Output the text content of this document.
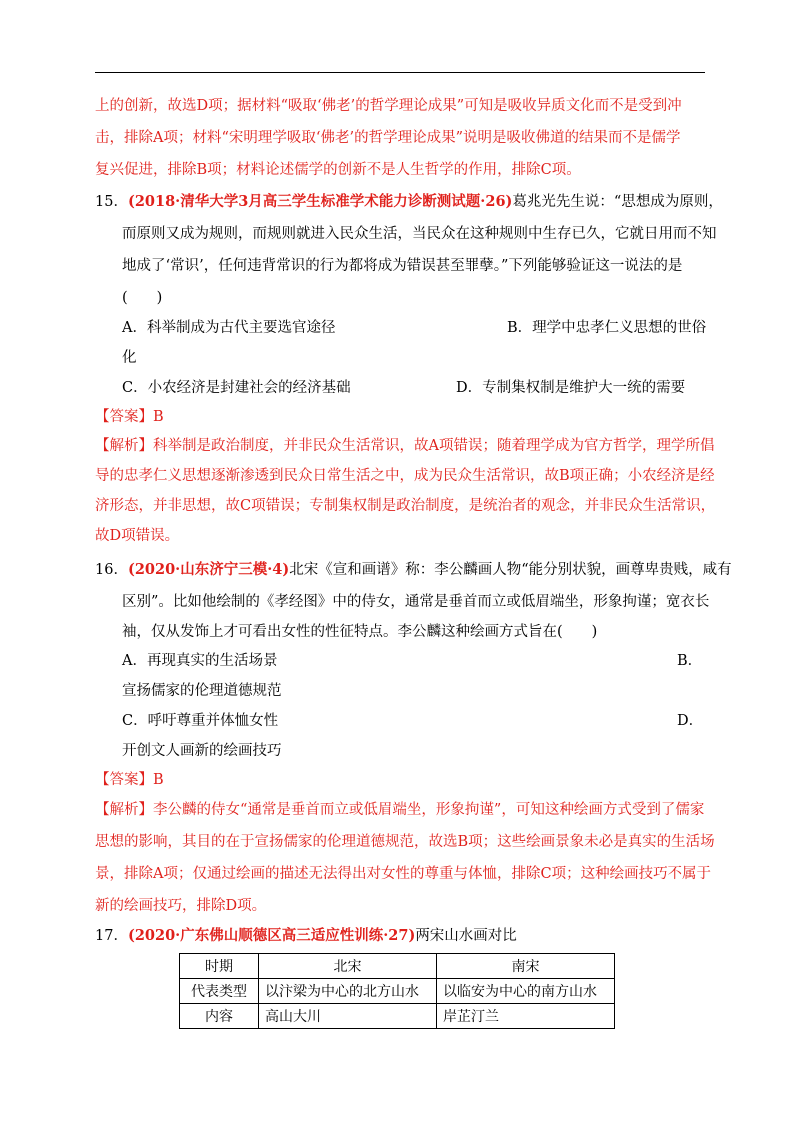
上的创新，故选D项；据材料“吸取‘佛老’的哲学理论成果”可知是吸收异质文化而不是受到冲
击，排除A项；材料“宋明理学吸取‘佛老’的哲学理论成果”说明是吸收佛道的结果而不是儒学
复兴促进，排除B项；材料论述儒学的创新不是人生哲学的作用，排除C项。
15．(2018·清华大学3月高三学生标准学术能力诊断测试题·26)葛兆光先生说：“思想成为原则，
而原则又成为规则，而规则就进入民众生活，当民众在这种规则中生存已久，它就日用而不知
地成了‘常识’，任何违背常识的行为都将成为错误甚至罪孽。”下列能够验证这一说法的是
(　　)
A．科举制成为古代主要选官途径	B．理学中忠孝仁义思想的世俗
化
C．小农经济是封建社会的经济基础	D．专制集权制是维护大一统的需要
【答案】B
【解析】科举制是政治制度，并非民众生活常识，故A项错误；随着理学成为官方哲学，理学所倡
导的忠孝仁义思想逐渐渗透到民众日常生活之中，成为民众生活常识，故B项正确；小农经济是经
济形态，并非思想，故C项错误；专制集权制是政治制度，是统治者的观念，并非民众生活常识，
故D项错误。
16．(2020·山东济宁三模·4)北宋《宣和画谱》称：李公麟画人物“能分别状貌，画尊卑贵贱，咸有
区别”。比如他绘制的《孝经图》中的侍女，通常是垂首而立或低眉端坐，形象拘谨；宽衣长
袖，仅从发饰上才可看出女性的性征特点。李公麟这种绘画方式旨在(　　)
A．再现真实的生活场景	B．
宣扬儒家的伦理道德规范
C．呼吁尊重并体恤女性	D．
开创文人画新的绘画技巧
【答案】B
【解析】李公麟的侍女“通常是垂首而立或低眉端坐，形象拘谨”，可知这种绘画方式受到了儒家
思想的影响，其目的在于宣扬儒家的伦理道德规范，故选B项；这些绘画景象未必是真实的生活场
景，排除A项；仅通过绘画的描述无法得出对女性的尊重与体恤，排除C项；这种绘画技巧不属于
新的绘画技巧，排除D项。
17．(2020·广东佛山顺德区高三适应性训练·27)两宋山水画对比
时期	北宋	南宋
代表类型	以汴梁为中心的北方山水	以临安为中心的南方山水
内容	高山大川	岸芷汀兰
